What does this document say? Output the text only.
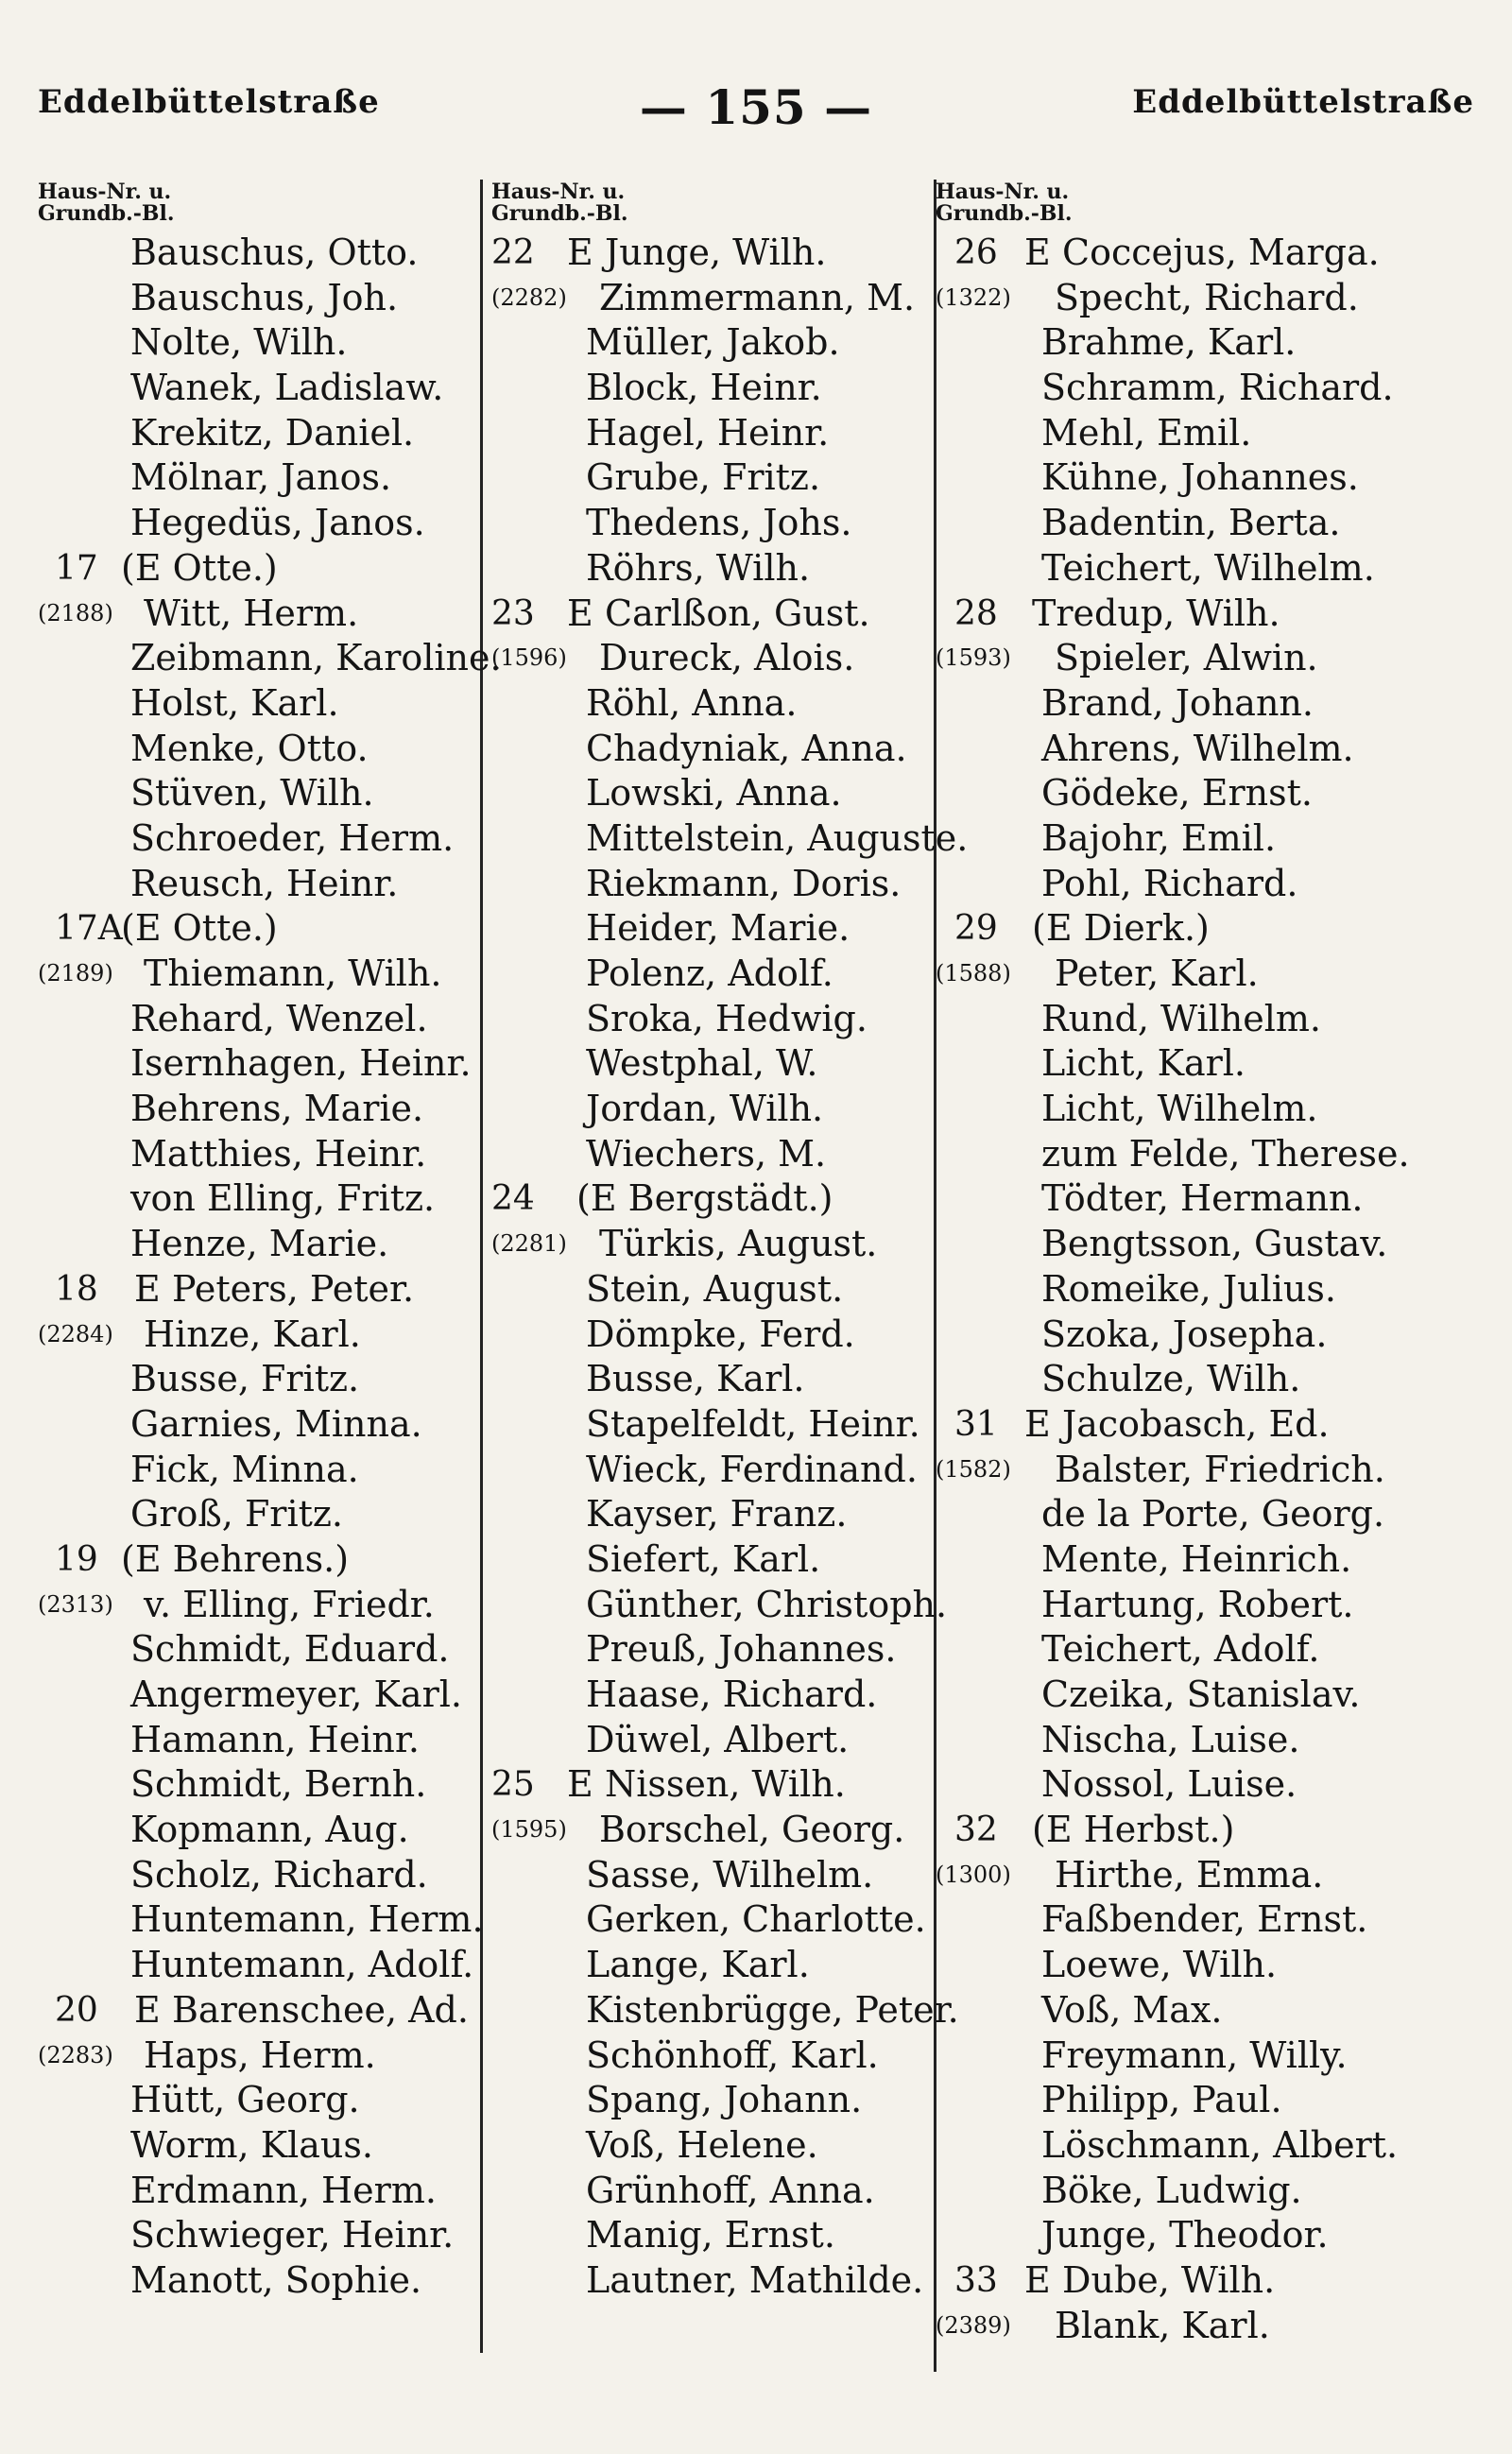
Eddelbüttelstraße	— 155 —	Eddelbüttelstraße
Haus-Nr. u.
Grundb.-Bl.
Bauschus, Otto.
Bauschus, Joh.
Nolte, Wilh.
Wanek, Ladislaw.
Krekitz, Daniel.
Mölnar, Janos.
Hegedüs, Janos.
17 (E Otte.)
(2188) Witt, Herm.
Zeibmann, Karoline.
Holst, Karl.
Menke, Otto.
Stüven, Wilh.
Schroeder, Herm.
Reusch, Heinr.
17A
(E Otte.)
(2189) Thiemann, Wilh.
Rehard, Wenzel.
Isernhagen, Heinr.
Behrens, Marie.
Matthies, Heinr.
von Elling, Fritz.
Henze, Marie.
18 E Peters, Peter.
(2284) Hinze, Karl.
Busse, Fritz.
Garnies, Minna.
Fick, Minna.
Groß, Fritz.
19 (E Behrens.)
(2313) v. Elling, Friedr.
Schmidt, Eduard.
Angermeyer, Karl.
Hamann, Heinr.
Schmidt, Bernh.
Kopmann, Aug.
Scholz, Richard.
Huntemann, Herm.
Huntemann, Adolf.
20 E Barenschee, Ad.
(2283) Haps, Herm.
Hütt, Georg.
Worm, Klaus.
Erdmann, Herm.
Schwieger, Heinr.
Manott, Sophie.
Haus-Nr. u.
Grundb.-Bl.
22 E Junge, Wilh.
(2282) Zimmermann, M.
Müller, Jakob.
Block, Heinr.
Hagel, Heinr.
Grube, Fritz.
Thedens, Johs.
Röhrs, Wilh.
23 E Carlßon, Gust.
(1596) Dureck, Alois.
Röhl, Anna.
Chadyniak, Anna.
Lowski, Anna.
Mittelstein, Auguste.
Riekmann, Doris.
Heider, Marie.
Polenz, Adolf.
Sroka, Hedwig.
Westphal, W.
Jordan, Wilh.
Wiechers, M.
24 (E Bergstädt.)
(2281) Türkis, August.
Stein, August.
Dömpke, Ferd.
Busse, Karl.
Stapelfeldt, Heinr.
Wieck, Ferdinand.
Kayser, Franz.
Siefert, Karl.
Günther, Christoph.
Preuß, Johannes.
Haase, Richard.
Düwel, Albert.
25 E Nissen, Wilh.
(1595) Borschel, Georg.
Sasse, Wilhelm.
Gerken, Charlotte.
Lange, Karl.
Kistenbrügge, Peter.
Schönhoff, Karl.
Spang, Johann.
Voß, Helene.
Grünhoff, Anna.
Manig, Ernst.
Lautner, Mathilde.
Haus-Nr. u.
Grundb.-Bl.
26 E Coccejus, Marga.
(1322) Specht, Richard.
Brahme, Karl.
Schramm, Richard.
Mehl, Emil.
Kühne, Johannes.
Badentin, Berta.
Teichert, Wilhelm.
28 Tredup, Wilh.
(1593) Spieler, Alwin.
Brand, Johann.
Ahrens, Wilhelm.
Gödeke, Ernst.
Bajohr, Emil.
Pohl, Richard.
29 (E Dierk.)
(1588) Peter, Karl.
Rund, Wilhelm.
Licht, Karl.
Licht, Wilhelm.
zum Felde, Therese.
Tödter, Hermann.
Bengtsson, Gustav.
Romeike, Julius.
Szoka, Josepha.
Schulze, Wilh.
31 E Jacobasch, Ed.
(1582) Balster, Friedrich.
de la Porte, Georg.
Mente, Heinrich.
Hartung, Robert.
Teichert, Adolf.
Czeika, Stanislav.
Nischa, Luise.
Nossol, Luise.
32 (E Herbst.)
(1300) Hirthe, Emma.
Faßbender, Ernst.
Loewe, Wilh.
Voß, Max.
Freymann, Willy.
Philipp, Paul.
Löschmann, Albert.
Böke, Ludwig.
Junge, Theodor.
33 E Dube, Wilh.
(2389) Blank, Karl.
